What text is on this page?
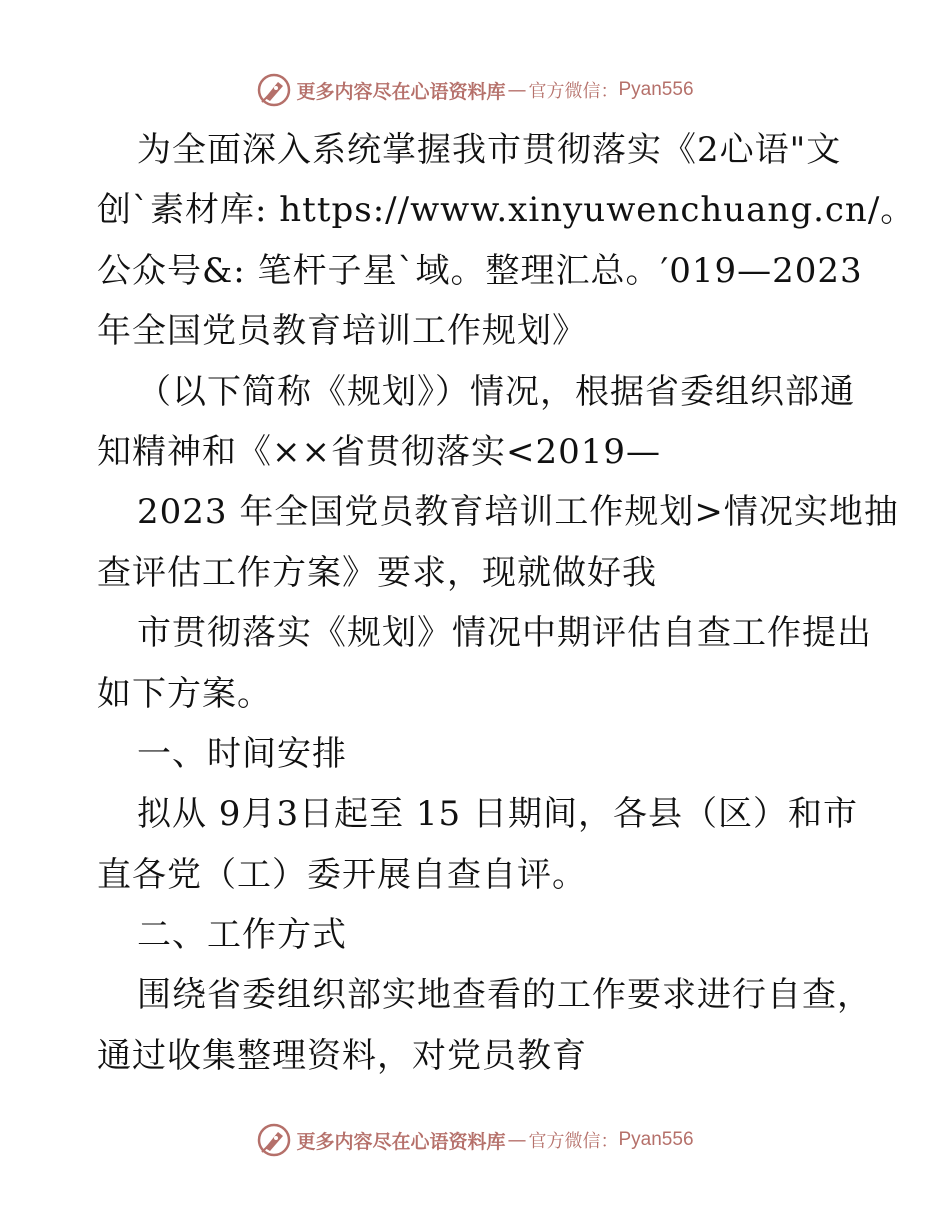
更多内容尽在心语资料库 — 官方微信： Pyan556
为全面深入系统掌握我市贯彻落实《2心语"文
创`素材库: https://www.xinyuwenchuang.cn/。
公众号&: 笔杆子星`域。整理汇总。′019—2023
年全国党员教育培训工作规划》
（以下简称《规划》）情况，根据省委组织部通
知精神和《××省贯彻落实<2019—
2023 年全国党员教育培训工作规划>情况实地抽
查评估工作方案》要求，现就做好我
市贯彻落实《规划》情况中期评估自查工作提出
如下方案。
一、时间安排
拟从 9月3日起至 15 日期间，各县（区）和市
直各党（工）委开展自查自评。
二、工作方式
围绕省委组织部实地查看的工作要求进行自查，
通过收集整理资料，对党员教育
更多内容尽在心语资料库 — 官方微信： Pyan556
